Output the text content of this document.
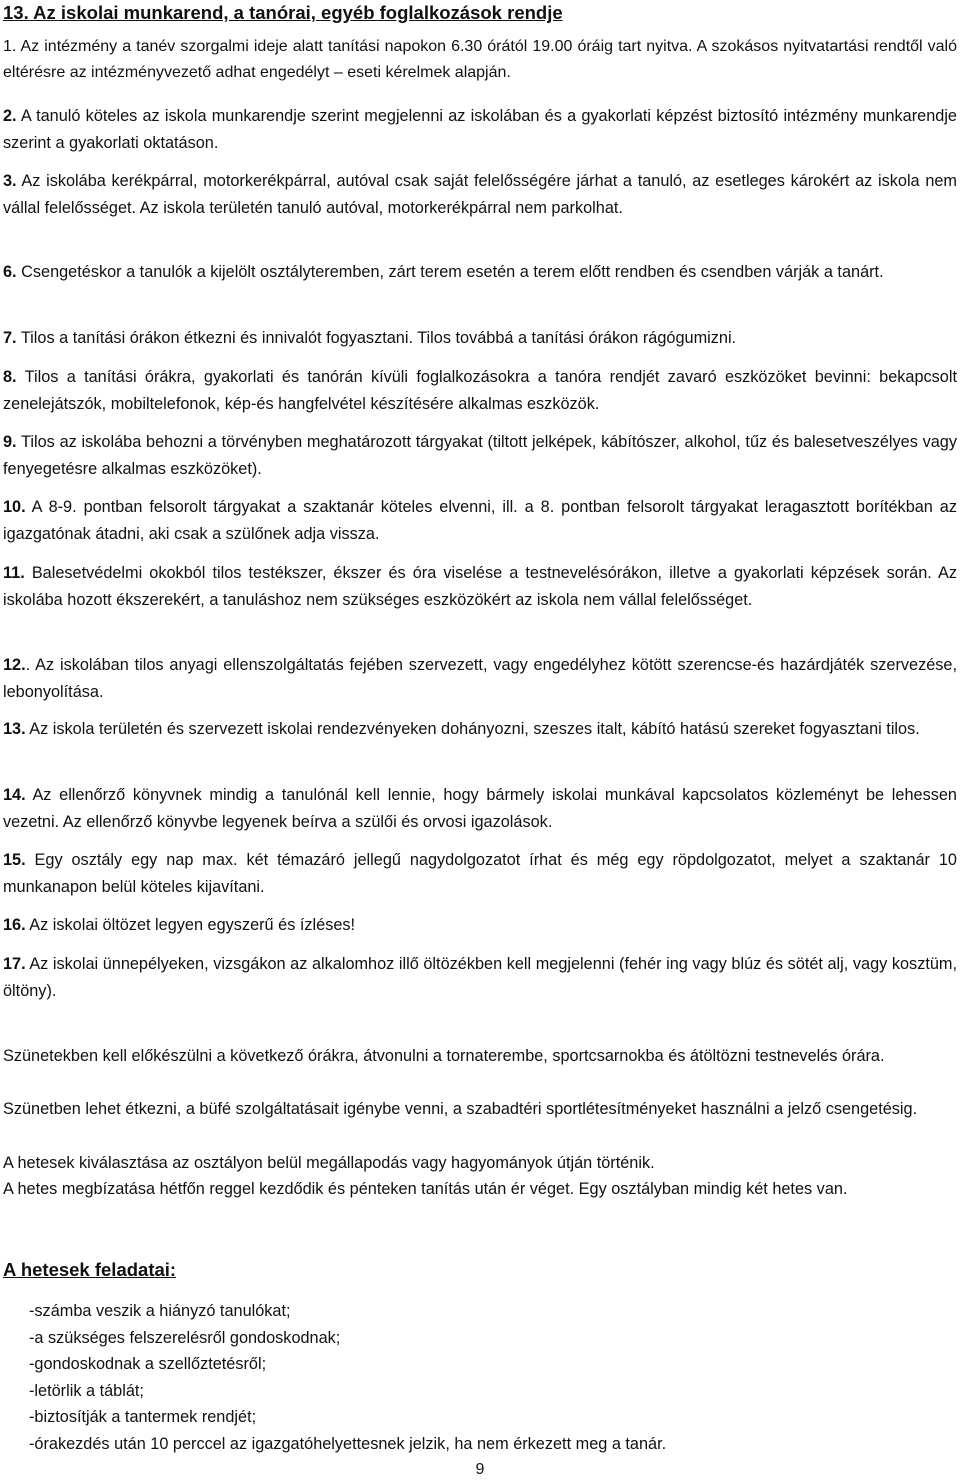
13. Az iskolai munkarend, a tanórai, egyéb foglalkozások rendje

1. Az intézmény a tanév szorgalmi ideje alatt tanítási napokon 6.30 órától 19.00 óráig tart nyitva. A szokásos nyitvatartási rendtől való eltérésre az intézményvezető adhat engedélyt – eseti kérelmek alapján.

2. A tanuló köteles az iskola munkarendje szerint megjelenni az iskolában és a gyakorlati képzést biztosító intézmény munkarendje szerint a gyakorlati oktatáson.

3. Az iskolába kerékpárral, motorkerékpárral, autóval csak saját felelősségére járhat a tanuló, az esetleges károkért az iskola nem vállal felelősséget. Az iskola területén tanuló autóval, motorkerékpárral nem parkolhat.

6. Csengetéskor a tanulók a kijelölt osztályteremben, zárt terem esetén a terem előtt rendben és csendben várják a tanárt.

7. Tilos a tanítási órákon étkezni és innivalót fogyasztani. Tilos továbbá a tanítási órákon rágógumizni.

8. Tilos a tanítási órákra, gyakorlati és tanórán kívüli foglalkozásokra a tanóra rendjét zavaró eszközöket bevinni: bekapcsolt zenelejátszók, mobiltelefonok, kép-és hangfelvétel készítésére alkalmas eszközök.

9. Tilos az iskolába behozni a törvényben meghatározott tárgyakat (tiltott jelképek, kábítószer, alkohol, tűz és balesetveszélyes vagy fenyegetésre alkalmas eszközöket).

10. A 8-9. pontban felsorolt tárgyakat a szaktanár köteles elvenni, ill. a 8. pontban felsorolt tárgyakat leragasztott borítékban az igazgatónak átadni, aki csak a szülőnek adja vissza.

11. Balesetvédelmi okokból tilos testékszer, ékszer és óra viselése a testnevelésórákon, illetve a gyakorlati képzések során. Az iskolába hozott ékszerekért, a tanuláshoz nem szükséges eszközökért az iskola nem vállal felelősséget.

12.. Az iskolában tilos anyagi ellenszolgáltatás fejében szervezett, vagy engedélyhez kötött szerencse-és hazárdjáték szervezése, lebonyolítása.

13. Az iskola területén és szervezett iskolai rendezvényeken dohányozni, szeszes italt, kábító hatású szereket fogyasztani tilos.

14. Az ellenőrző könyvnek mindig a tanulónál kell lennie, hogy bármely iskolai munkával kapcsolatos közleményt be lehessen vezetni. Az ellenőrző könyvbe legyenek beírva a szülői és orvosi igazolások.

15. Egy osztály egy nap max. két témazáró jellegű nagydolgozatot írhat és még egy röpdolgozatot, melyet a szaktanár 10 munkanapon belül köteles kijavítani.

16. Az iskolai öltözet legyen egyszerű és ízléses!

17. Az iskolai ünnepélyeken, vizsgákon az alkalomhoz illő öltözékben kell megjelenni (fehér ing vagy blúz és sötét alj, vagy kosztüm, öltöny).

Szünetekben kell előkészülni a következő órákra, átvonulni a tornaterembe, sportcsarnokba és átöltözni testnevelés órára.

Szünetben lehet étkezni, a büfé szolgáltatásait igénybe venni, a szabadtéri sportlétesítményeket használni a jelző csengetésig.

A hetesek kiválasztása az osztályon belül megállapodás vagy hagyományok útján történik.

A hetes megbízatása hétfőn reggel kezdődik és pénteken tanítás után ér véget. Egy osztályban mindig két hetes van.

A hetesek feladatai:
-számba veszik a hiányzó tanulókat;
-a szükséges felszerelésről gondoskodnak;
-gondoskodnak a szellőztetésről;
-letörlik a táblát;
-biztosítják a tantermek rendjét;
-órakezdés után 10 perccel az igazgatóhelyettesnek jelzik, ha nem érkezett meg a tanár.
9
